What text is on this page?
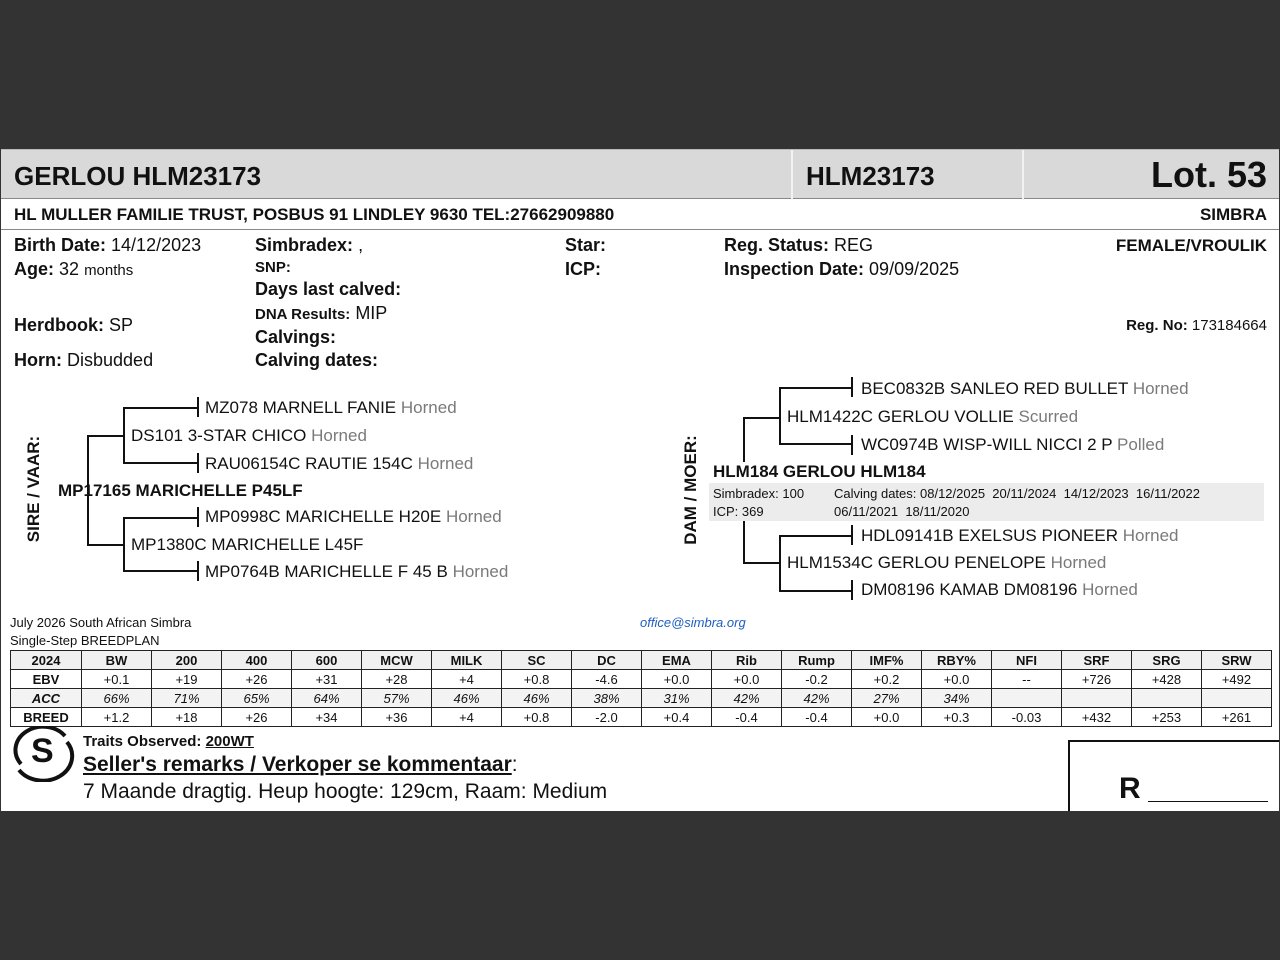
GERLOU HLM23173	HLM23173	Lot. 53
HL MULLER FAMILIE TRUST, POSBUS 91 LINDLEY 9630 TEL:27662909880	SIMBRA
Birth Date: 14/12/2023
Age: 32 months
Herdbook: SP
Horn: Disbudded
Simbradex: ,
SNP:
Days last calved:
DNA Results: MIP
Calvings:
Calving dates:
Star:
ICP:
Reg. Status: REG
Inspection Date: 09/09/2025
FEMALE/VROULIK
Reg. No: 173184664
SIRE / VAAR:
MZ078 MARNELL FANIE Horned
DS101 3-STAR CHICO Horned
RAU06154C RAUTIE 154C Horned
MP17165 MARICHELLE P45LF
MP0998C MARICHELLE H20E Horned
MP1380C MARICHELLE L45F
MP0764B MARICHELLE F 45 B Horned
DAM / MOER:
BEC0832B SANLEO RED BULLET Horned
HLM1422C GERLOU VOLLIE Scurred
WC0974B WISP-WILL NICCI 2 P Polled
HLM184 GERLOU HLM184
Simbradex: 100
ICP: 369
Calving dates: 08/12/2025  20/11/2024  14/12/2023  16/11/2022
06/11/2021  18/11/2020
HDL09141B EXELSUS PIONEER Horned
HLM1534C GERLOU PENELOPE Horned
DM08196 KAMAB DM08196 Horned
July 2026 South African Simbra
Single-Step BREEDPLAN
office@simbra.org
2024	BW	200	400	600	MCW	MILK	SC	DC	EMA	Rib	Rump	IMF%	RBY%	NFI	SRF	SRG	SRW
EBV	+0.1	+19	+26	+31	+28	+4	+0.8	-4.6	+0.0	+0.0	-0.2	+0.2	+0.0	--	+726	+428	+492
ACC	66%	71%	65%	64%	57%	46%	46%	38%	31%	42%	42%	27%	34%				
BREED	+1.2	+18	+26	+34	+36	+4	+0.8	-2.0	+0.4	-0.4	-0.4	+0.0	+0.3	-0.03	+432	+253	+261
S Traits Observed: 200WT
Seller's remarks / Verkoper se kommentaar:
7 Maande dragtig. Heup hoogte: 129cm, Raam: Medium	R
